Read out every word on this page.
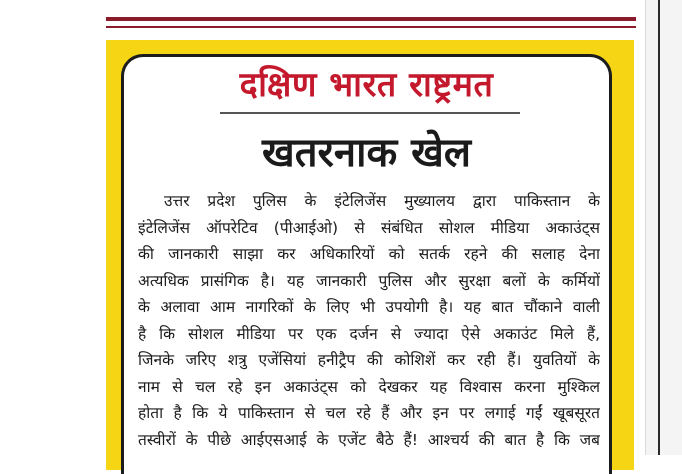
दक्षिण भारत राष्ट्रमत
खतरनाक खेल
उत्तर प्रदेश पुलिस के इंटेलिजेंस मुख्यालय द्वारा पाकिस्तान के
इंटेलिजेंस ऑपरेटिव (पीआईओ) से संबंधित सोशल मीडिया अकाउंट्स
की जानकारी साझा कर अधिकारियों को सतर्क रहने की सलाह देना
अत्यधिक प्रासंगिक है। यह जानकारी पुलिस और सुरक्षा बलों के कर्मियों
के अलावा आम नागरिकों के लिए भी उपयोगी है। यह बात चौंकाने वाली
है कि सोशल मीडिया पर एक दर्जन से ज्यादा ऐसे अकाउंट मिले हैं,
जिनके जरिए शत्रु एजेंसियां हनीट्रैप की कोशिशें कर रही हैं। युवतियों के
नाम से चल रहे इन अकाउंट्स को देखकर यह विश्वास करना मुश्किल
होता है कि ये पाकिस्तान से चल रहे हैं और इन पर लगाई गईं खूबसूरत
तस्वीरों के पीछे आईएसआई के एजेंट बैठे हैं! आश्चर्य की बात है कि जब
